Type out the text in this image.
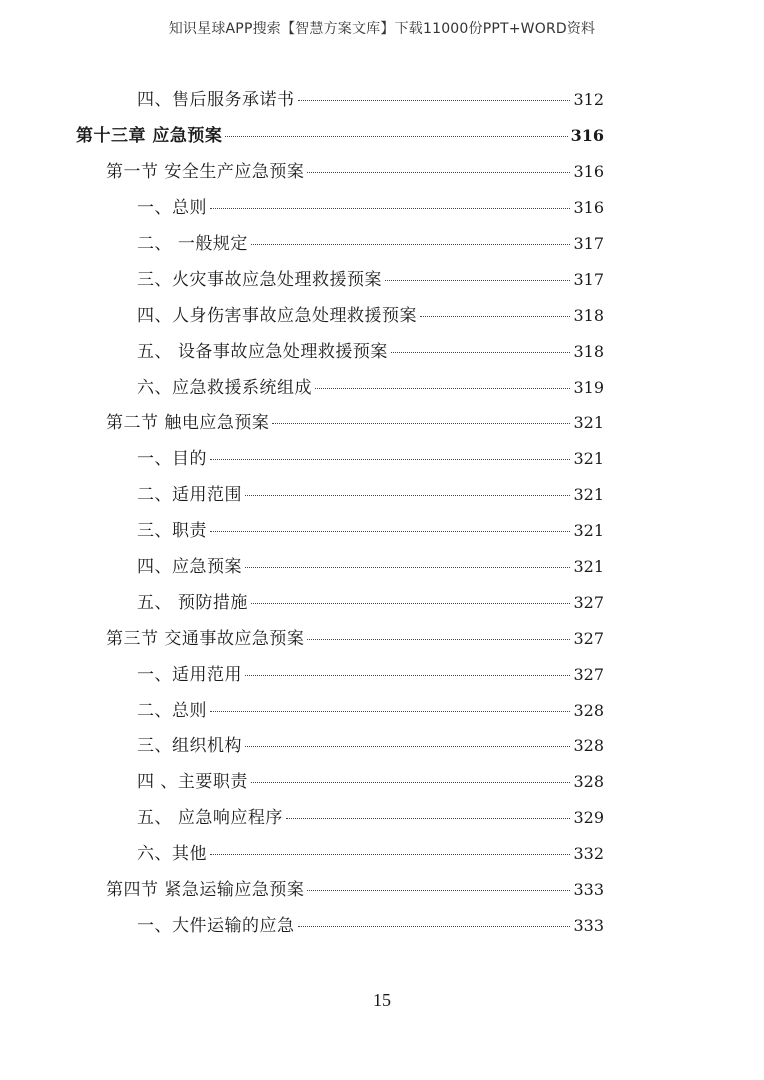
知识星球APP搜索【智慧方案文库】下载11000份PPT+WORD资料
四、售后服务承诺书	312
第十三章 应急预案	316
第一节 安全生产应急预案	316
一、总则	316
二、 一般规定	317
三、火灾事故应急处理救援预案	317
四、人身伤害事故应急处理救援预案	318
五、 设备事故应急处理救援预案	318
六、应急救援系统组成	319
第二节 触电应急预案	321
一、目的	321
二、适用范围	321
三、职责	321
四、应急预案	321
五、 预防措施	327
第三节 交通事故应急预案	327
一、适用范用	327
二、总则	328
三、组织机构	328
四 、主要职责	328
五、 应急响应程序	329
六、其他	332
第四节 紧急运输应急预案	333
一、大件运输的应急	333
15
